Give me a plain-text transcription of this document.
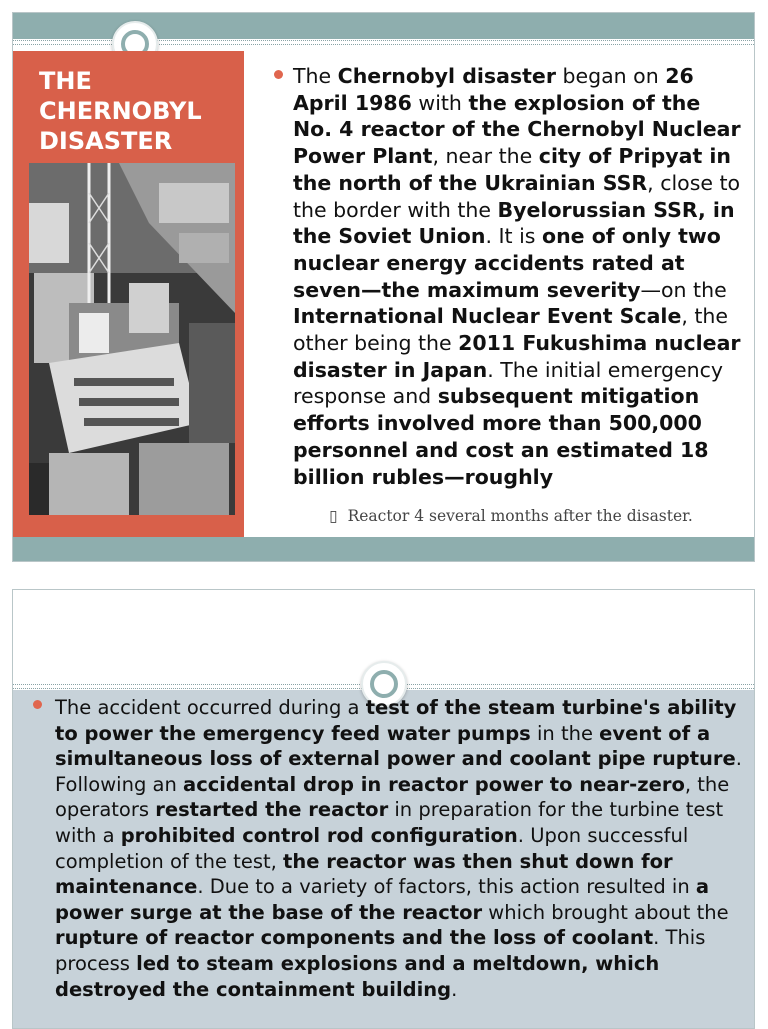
THE CHERNOBYL DISASTER
The Chernobyl disaster began on 26 April 1986 with the explosion of the No. 4 reactor of the Chernobyl Nuclear Power Plant, near the city of Pripyat in the north of the Ukrainian SSR, close to the border with the Byelorussian SSR, in the Soviet Union. It is one of only two nuclear energy accidents rated at seven—the maximum severity—on the International Nuclear Event Scale, the other being the 2011 Fukushima nuclear disaster in Japan. The initial emergency response and subsequent mitigation efforts involved more than 500,000 personnel and cost an estimated 18 billion rubles—roughly
▯ Reactor 4 several months after the disaster.
The accident occurred during a test of the steam turbine's ability to power the emergency feed water pumps in the event of a simultaneous loss of external power and coolant pipe rupture. Following an accidental drop in reactor power to near-zero, the operators restarted the reactor in preparation for the turbine test with a prohibited control rod configuration. Upon successful completion of the test, the reactor was then shut down for maintenance. Due to a variety of factors, this action resulted in a power surge at the base of the reactor which brought about the rupture of reactor components and the loss of coolant. This process led to steam explosions and a meltdown, which destroyed the containment building.
